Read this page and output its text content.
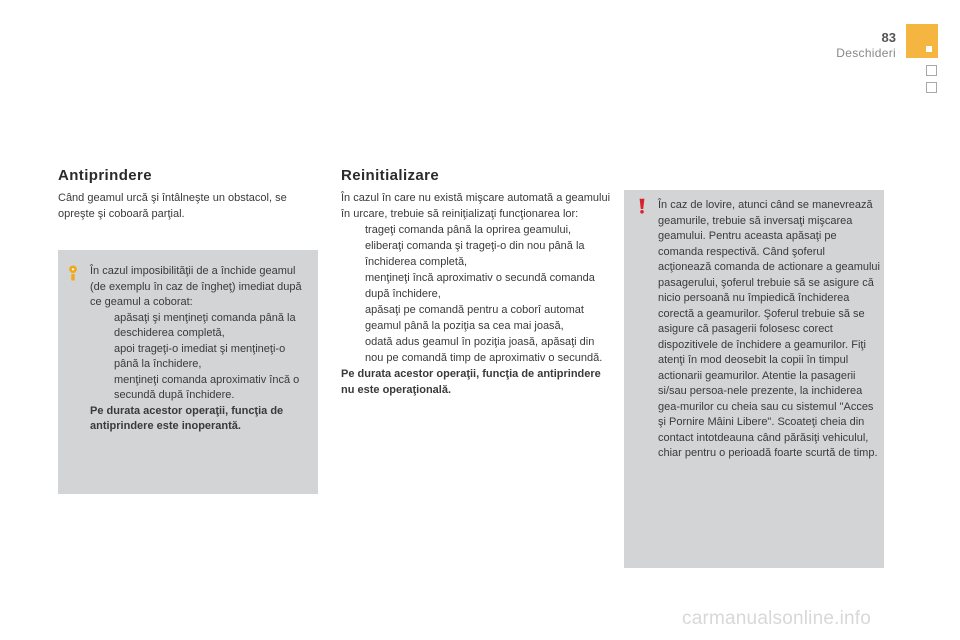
83
Deschideri
Antiprindere

Când geamul urcă şi întâlneşte un obstacol, se opreşte şi coboară parţial.

În cazul imposibilităţii de a închide geamul (de exemplu în caz de îngheţ) imediat după ce geamul a coborat:

apăsaţi şi menţineţi comanda până la deschiderea completă,
apoi trageţi-o imediat şi menţineţi-o până la închidere,
menţineţi comanda aproximativ încă o secundă după închidere.

Pe durata acestor operaţii, funcţia de antiprindere este inoperantă.

Reinitializare

În cazul în care nu există mişcare automată a geamului în urcare, trebuie să reiniţializaţi funcţionarea lor:

trageţi comanda până la oprirea geamului,
eliberaţi comanda şi trageţi-o din nou până la închiderea completă,
menţineţi încă aproximativ o secundă comanda după închidere,
apăsaţi pe comandă pentru a coborî automat geamul până la poziţia sa cea mai joasă,
odată adus geamul în poziţia joasă, apăsaţi din nou pe comandă timp de aproximativ o secundă.

Pe durata acestor operaţii, funcţia de antiprindere nu este operaţională.

În caz de lovire, atunci când se manevrează geamurile, trebuie să inversaţi mişcarea geamului. Pentru aceasta apăsaţi pe comanda respectivă. Când şoferul acţionează comanda de actionare a geamului pasagerului, şoferul trebuie să se asigure că nicio persoană nu împiedică închiderea corectă a geamurilor. Şoferul trebuie să se asigure că pasagerii folosesc corect dispozitivele de închidere a geamurilor. Fiţi atenţi în mod deosebit la copii în timpul actionarii geamurilor. Atentie la pasagerii si/sau persoa-nele prezente, la inchiderea gea-murilor cu cheia sau cu sistemul "Acces şi Pornire Mâini Libere". Scoateţi cheia din contact intotdeauna când părăsiţi vehiculul, chiar pentru o perioadă foarte scurtă de timp.

carmanualsonline.info
